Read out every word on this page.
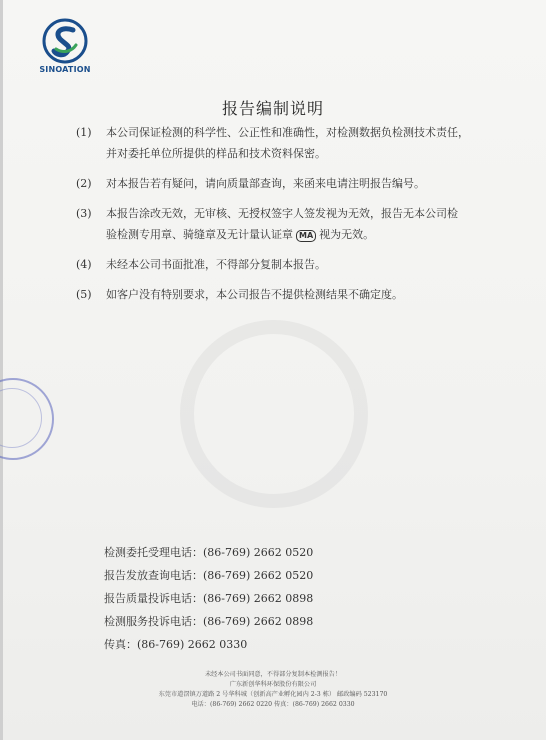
SINOATION
报告编制说明
(1)	本公司保证检测的科学性、公正性和准确性，对检测数据负检测技术责任，
并对委托单位所提供的样品和技术资料保密。
(2)	对本报告若有疑问，请向质量部查询，来函来电请注明报告编号。
(3)	本报告涂改无效，无审核、无授权签字人签发视为无效，报告无本公司检
验检测专用章、骑缝章及无计量认证章 MA 视为无效。
(4)	未经本公司书面批准，不得部分复制本报告。
(5)	如客户没有特别要求，本公司报告不提供检测结果不确定度。
检测委托受理电话：(86-769) 2662 0520
报告发放查询电话：(86-769) 2662 0520
报告质量投诉电话：(86-769) 2662 0898
检测服务投诉电话：(86-769) 2662 0898
传真：(86-769) 2662 0330
未经本公司书面同意，不得部分复制本检测报告！
广东新创华科环保股份有限公司
东莞市道滘镇万道路 2 号华科城（创新高产业孵化园内 2-3 栋） 邮政编码 523170
电话：(86-769) 2662 0220 传真：(86-769) 2662 0330
